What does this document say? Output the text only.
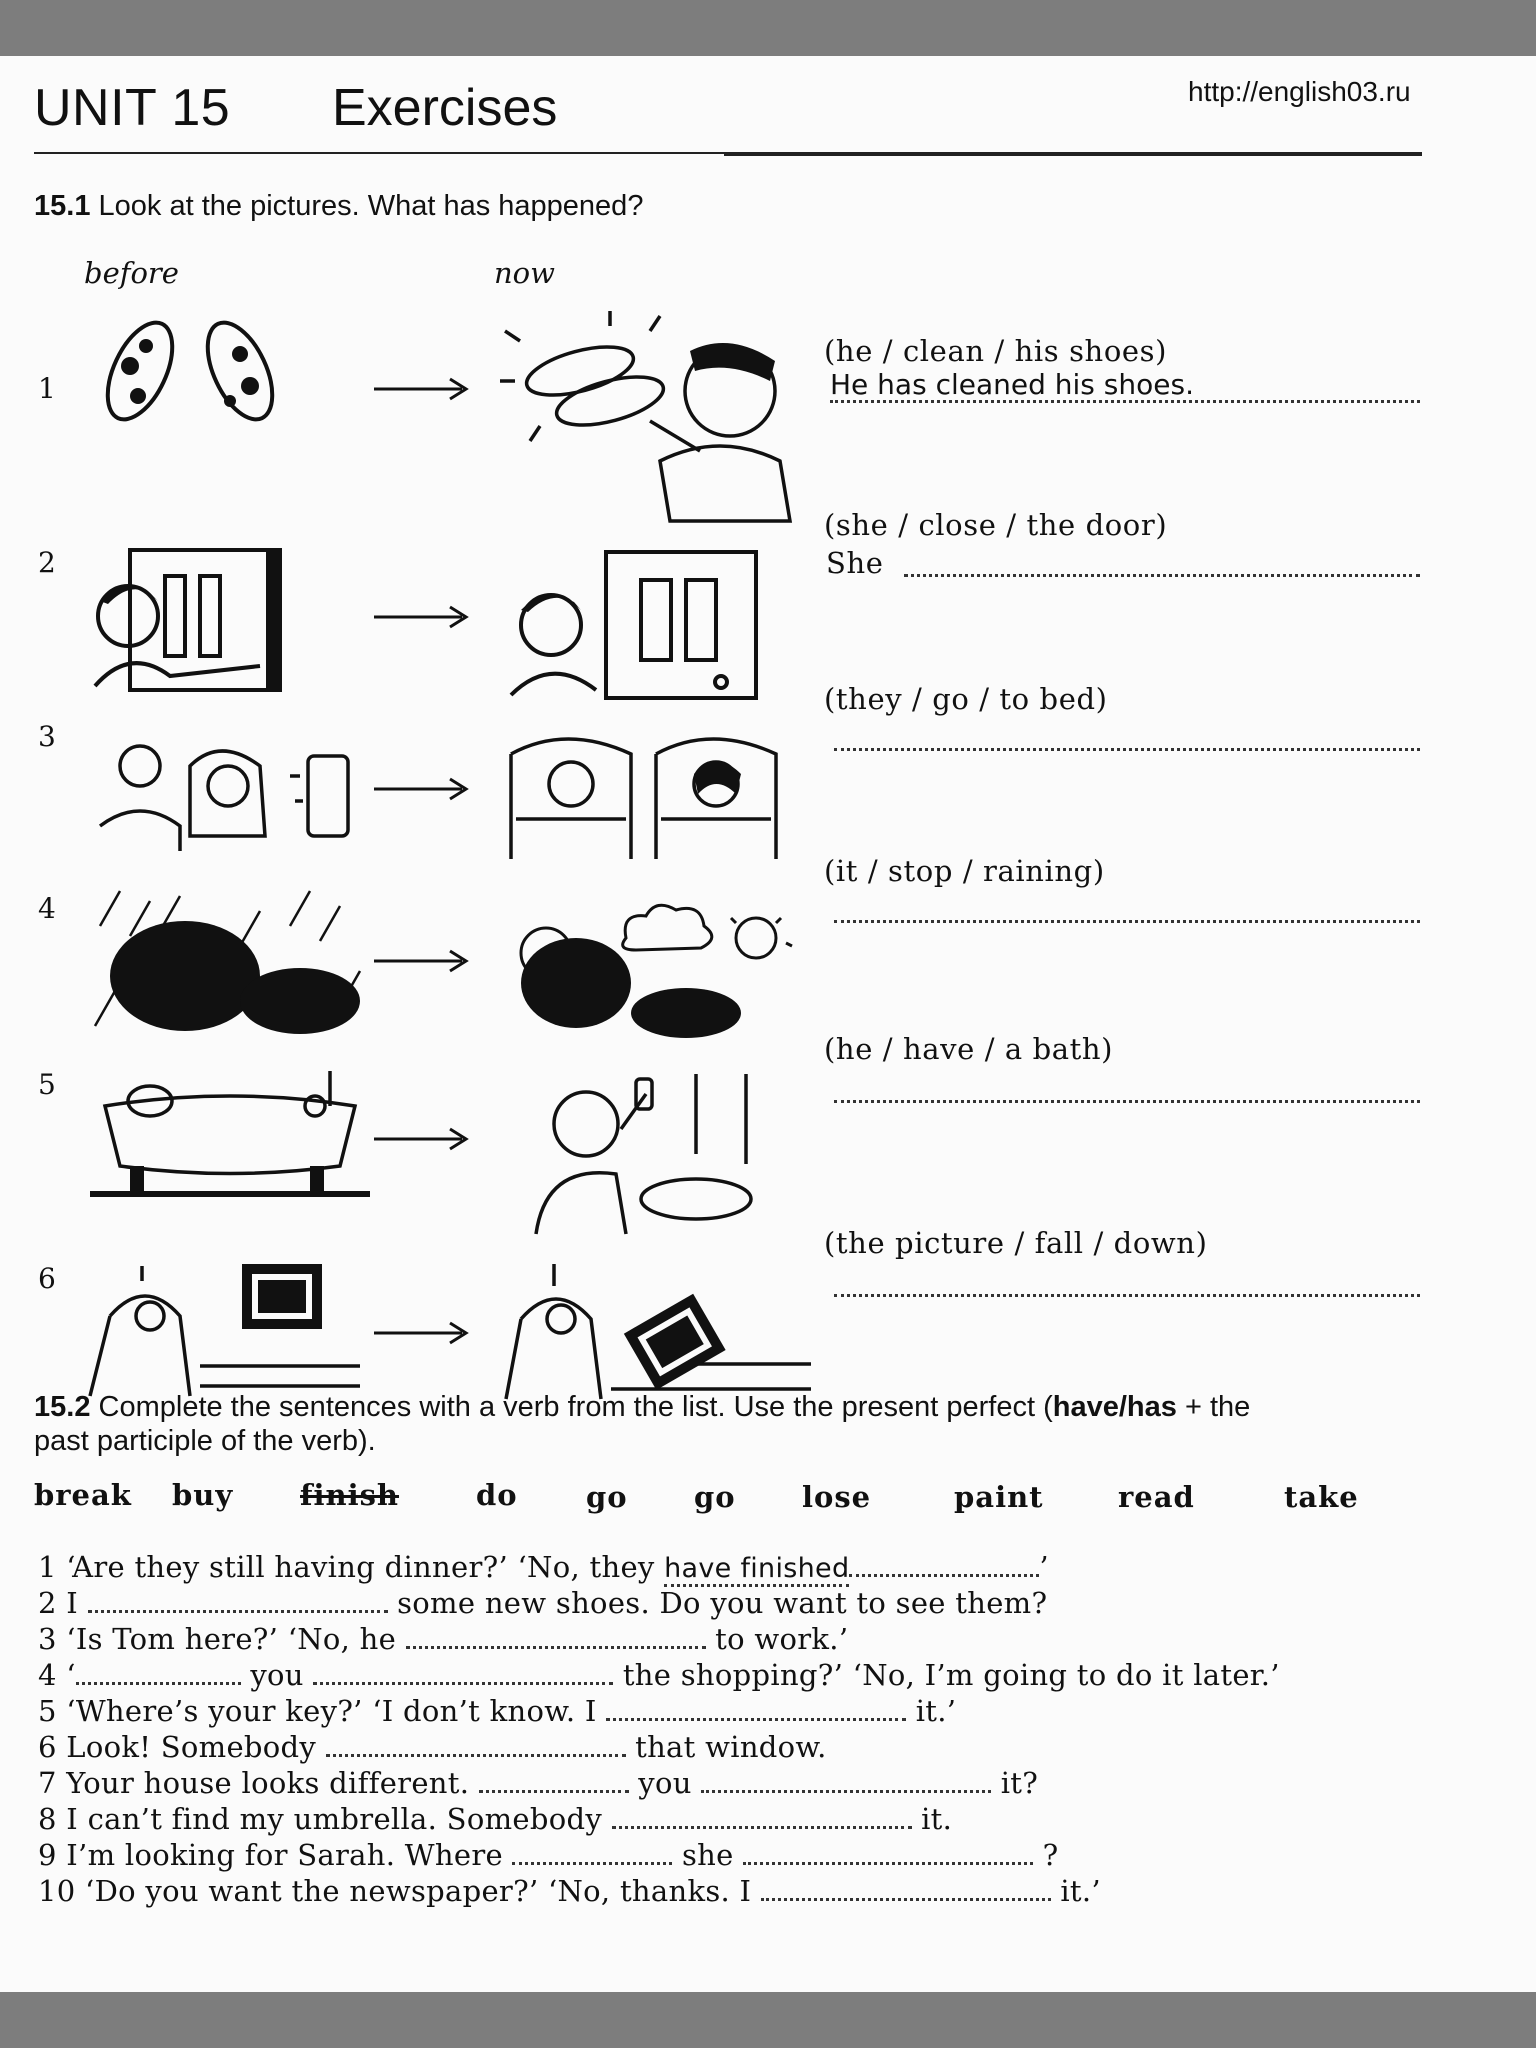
UNIT 15 Exercises	http://english03.ru
15.1 Look at the pictures. What has happened?
before	now
1
2
3
4
5
6
(he / clean / his shoes)
He has cleaned his shoes.
(she / close / the door)
She
(they / go / to bed)
(it / stop / raining)
(he / have / a bath)
(the picture / fall / down)
15.2 Complete the sentences with a verb from the list. Use the present perfect (have/has + the
past participle of the verb).
break buy finish	do go go lose	paint	read	take
1 ‘Are they still having dinner?’ ‘No, they have finished	’
2 I	some new shoes. Do you want to see them?
3 ‘Is Tom here?’ ‘No, he	to work.’
4 ‘	you	the shopping?’ ‘No, I’m going to do it later.’
5 ‘Where’s your key?’ ‘I don’t know. I	it.’
6 Look! Somebody	that window.
7 Your house looks different.	you	it?
8 I can’t find my umbrella. Somebody	it.
9 I’m looking for Sarah. Where	she	?
10 ‘Do you want the newspaper?’ ‘No, thanks. I	it.’
